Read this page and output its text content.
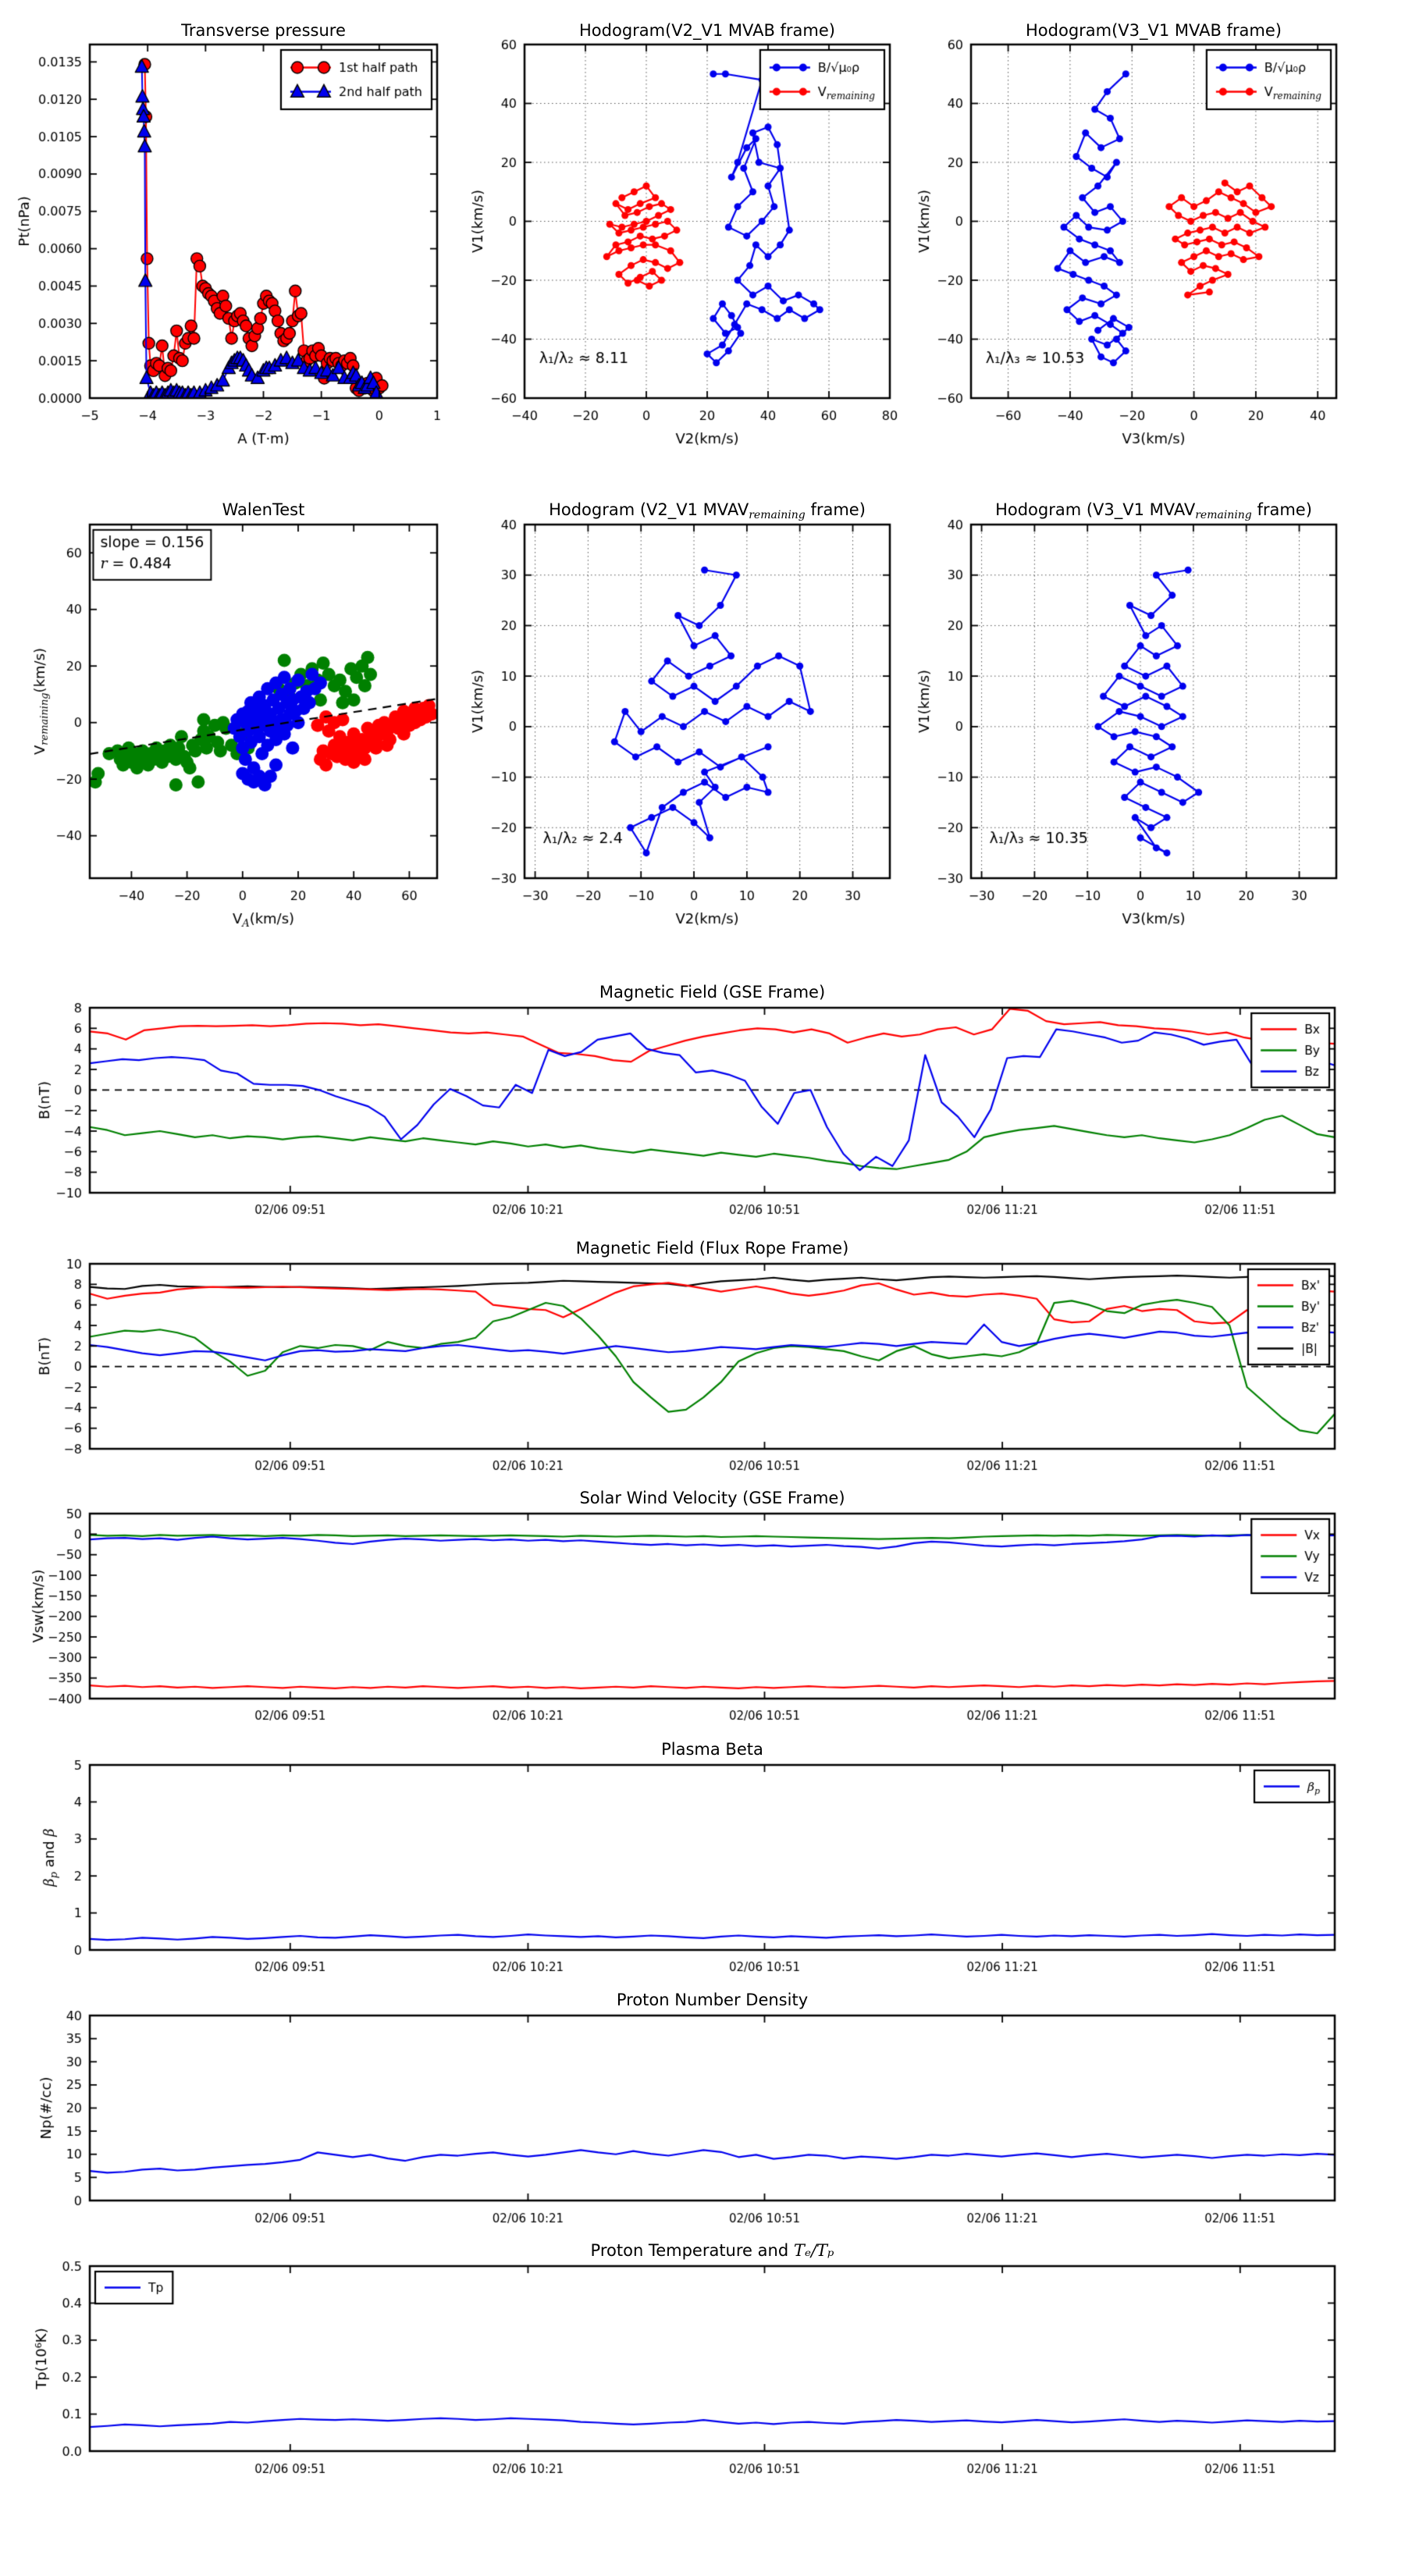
Transverse pressure	Hodogram(V2_V1 MVAB frame)	Hodogram(V3_V1 MVAB frame)
WalenTest	Hodogram (V2_V1 MVAVremaining frame)	Hodogram (V3_V1 MVAVremaining frame)
Magnetic Field (GSE Frame)
Magnetic Field (Flux Rope Frame)
Solar Wind Velocity (GSE Frame)
Plasma Beta
Proton Number Density
Proton Temperature and Tₑ/Tₚ
